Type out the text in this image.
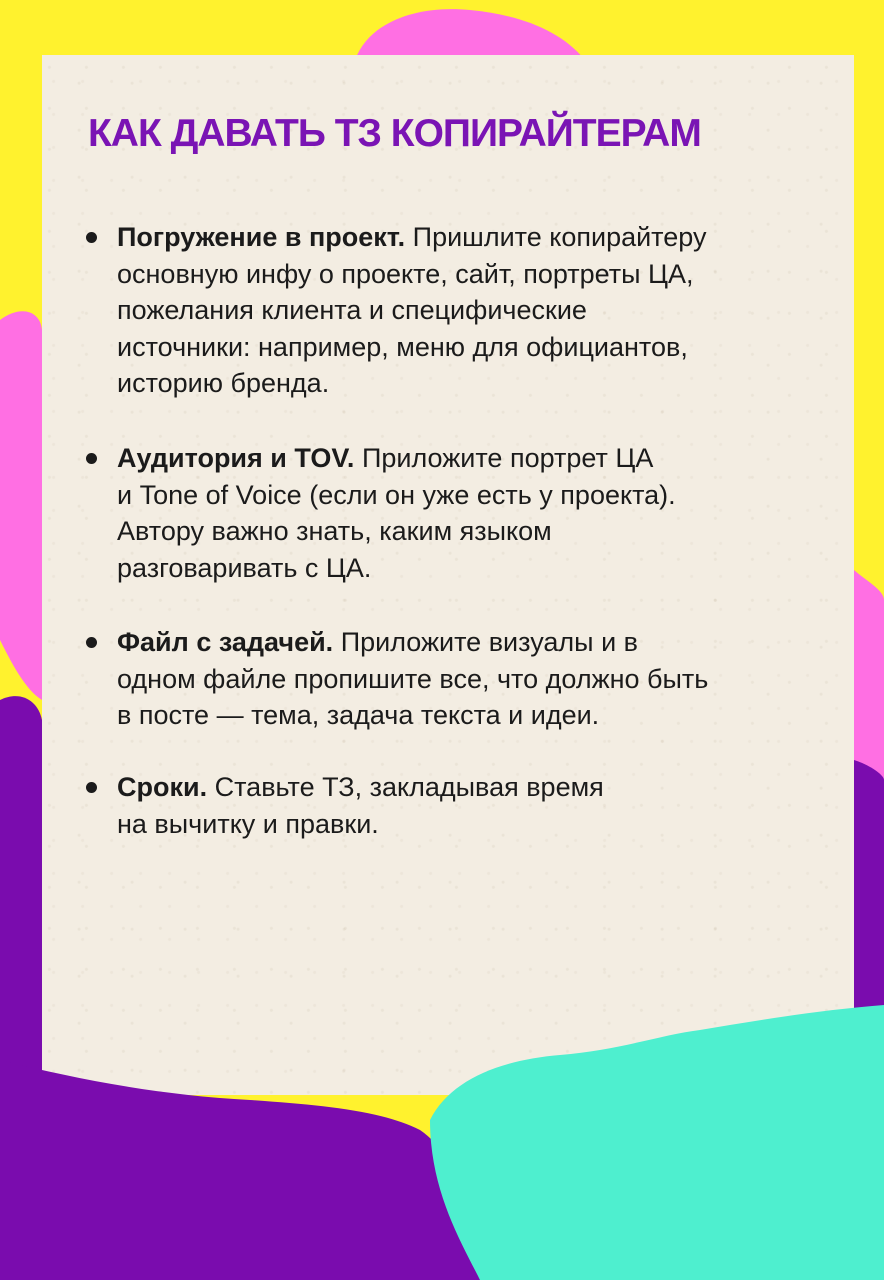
КАК ДАВАТЬ ТЗ КОПИРАЙТЕРАМ
Погружение в проект. Пришлите копирайтеру
основную инфу о проекте, сайт, портреты ЦА,
пожелания клиента и специфические
источники: например, меню для официантов,
историю бренда.
Аудитория и TOV. Приложите портрет ЦА
и Tone of Voice (если он уже есть у проекта).
Автору важно знать, каким языком
разговаривать с ЦА.
Файл с задачей. Приложите визуалы и в
одном файле пропишите все, что должно быть
в посте — тема, задача текста и идеи.
Сроки. Ставьте ТЗ, закладывая время
на вычитку и правки.
